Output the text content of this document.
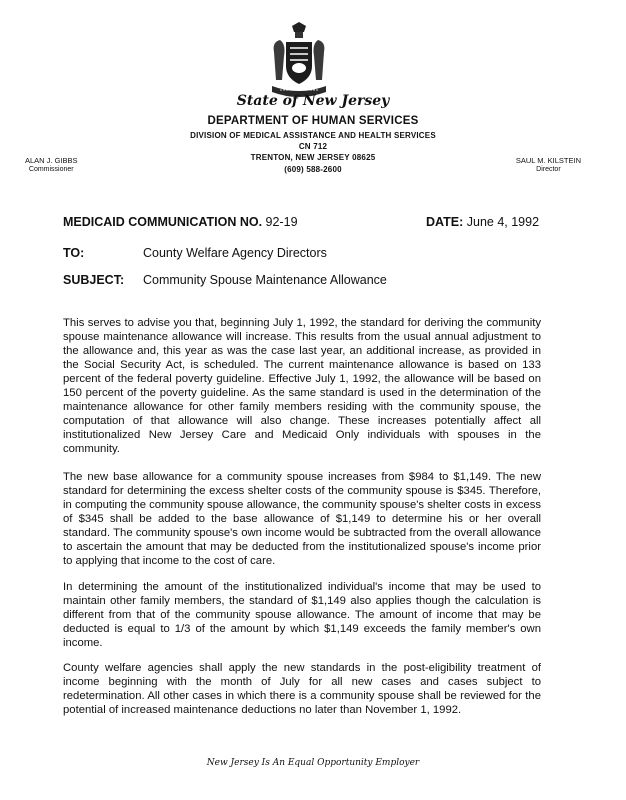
State of New Jersey
DEPARTMENT OF HUMAN SERVICES
DIVISION OF MEDICAL ASSISTANCE AND HEALTH SERVICES
CN 712
TRENTON, NEW JERSEY 08625
(609) 588-2600
ALAN J. GIBBS
Commissioner
SAUL M. KILSTEIN
Director
MEDICAID COMMUNICATION NO. 92-19	DATE: June 4, 1992
TO:	County Welfare Agency Directors
SUBJECT: Community Spouse Maintenance Allowance
This serves to advise you that, beginning July 1, 1992, the standard for deriving the community spouse maintenance allowance will increase. This results from the usual annual adjustment to the allowance and, this year as was the case last year, an additional increase, as provided in the Social Security Act, is scheduled. The current maintenance allowance is based on 133 percent of the federal poverty guideline. Effective July 1, 1992, the allowance will be based on 150 percent of the poverty guideline. As the same standard is used in the determination of the maintenance allowance for other family members residing with the community spouse, the computation of that allowance will also change. These increases potentially affect all institutionalized New Jersey Care and Medicaid Only individuals with spouses in the community.
The new base allowance for a community spouse increases from $984 to $1,149. The new standard for determining the excess shelter costs of the community spouse is $345. Therefore, in computing the community spouse allowance, the community spouse's shelter costs in excess of $345 shall be added to the base allowance of $1,149 to determine his or her overall standard. The community spouse's own income would be subtracted from the overall allowance to ascertain the amount that may be deducted from the institutionalized spouse's income prior to applying that income to the cost of care.
In determining the amount of the institutionalized individual's income that may be used to maintain other family members, the standard of $1,149 also applies though the calculation is different from that of the community spouse allowance. The amount of income that may be deducted is equal to 1/3 of the amount by which $1,149 exceeds the family member's own income.
County welfare agencies shall apply the new standards in the post-eligibility treatment of income beginning with the month of July for all new cases and cases subject to redetermination. All other cases in which there is a community spouse shall be reviewed for the potential of increased maintenance deductions no later than November 1, 1992.
New Jersey Is An Equal Opportunity Employer
